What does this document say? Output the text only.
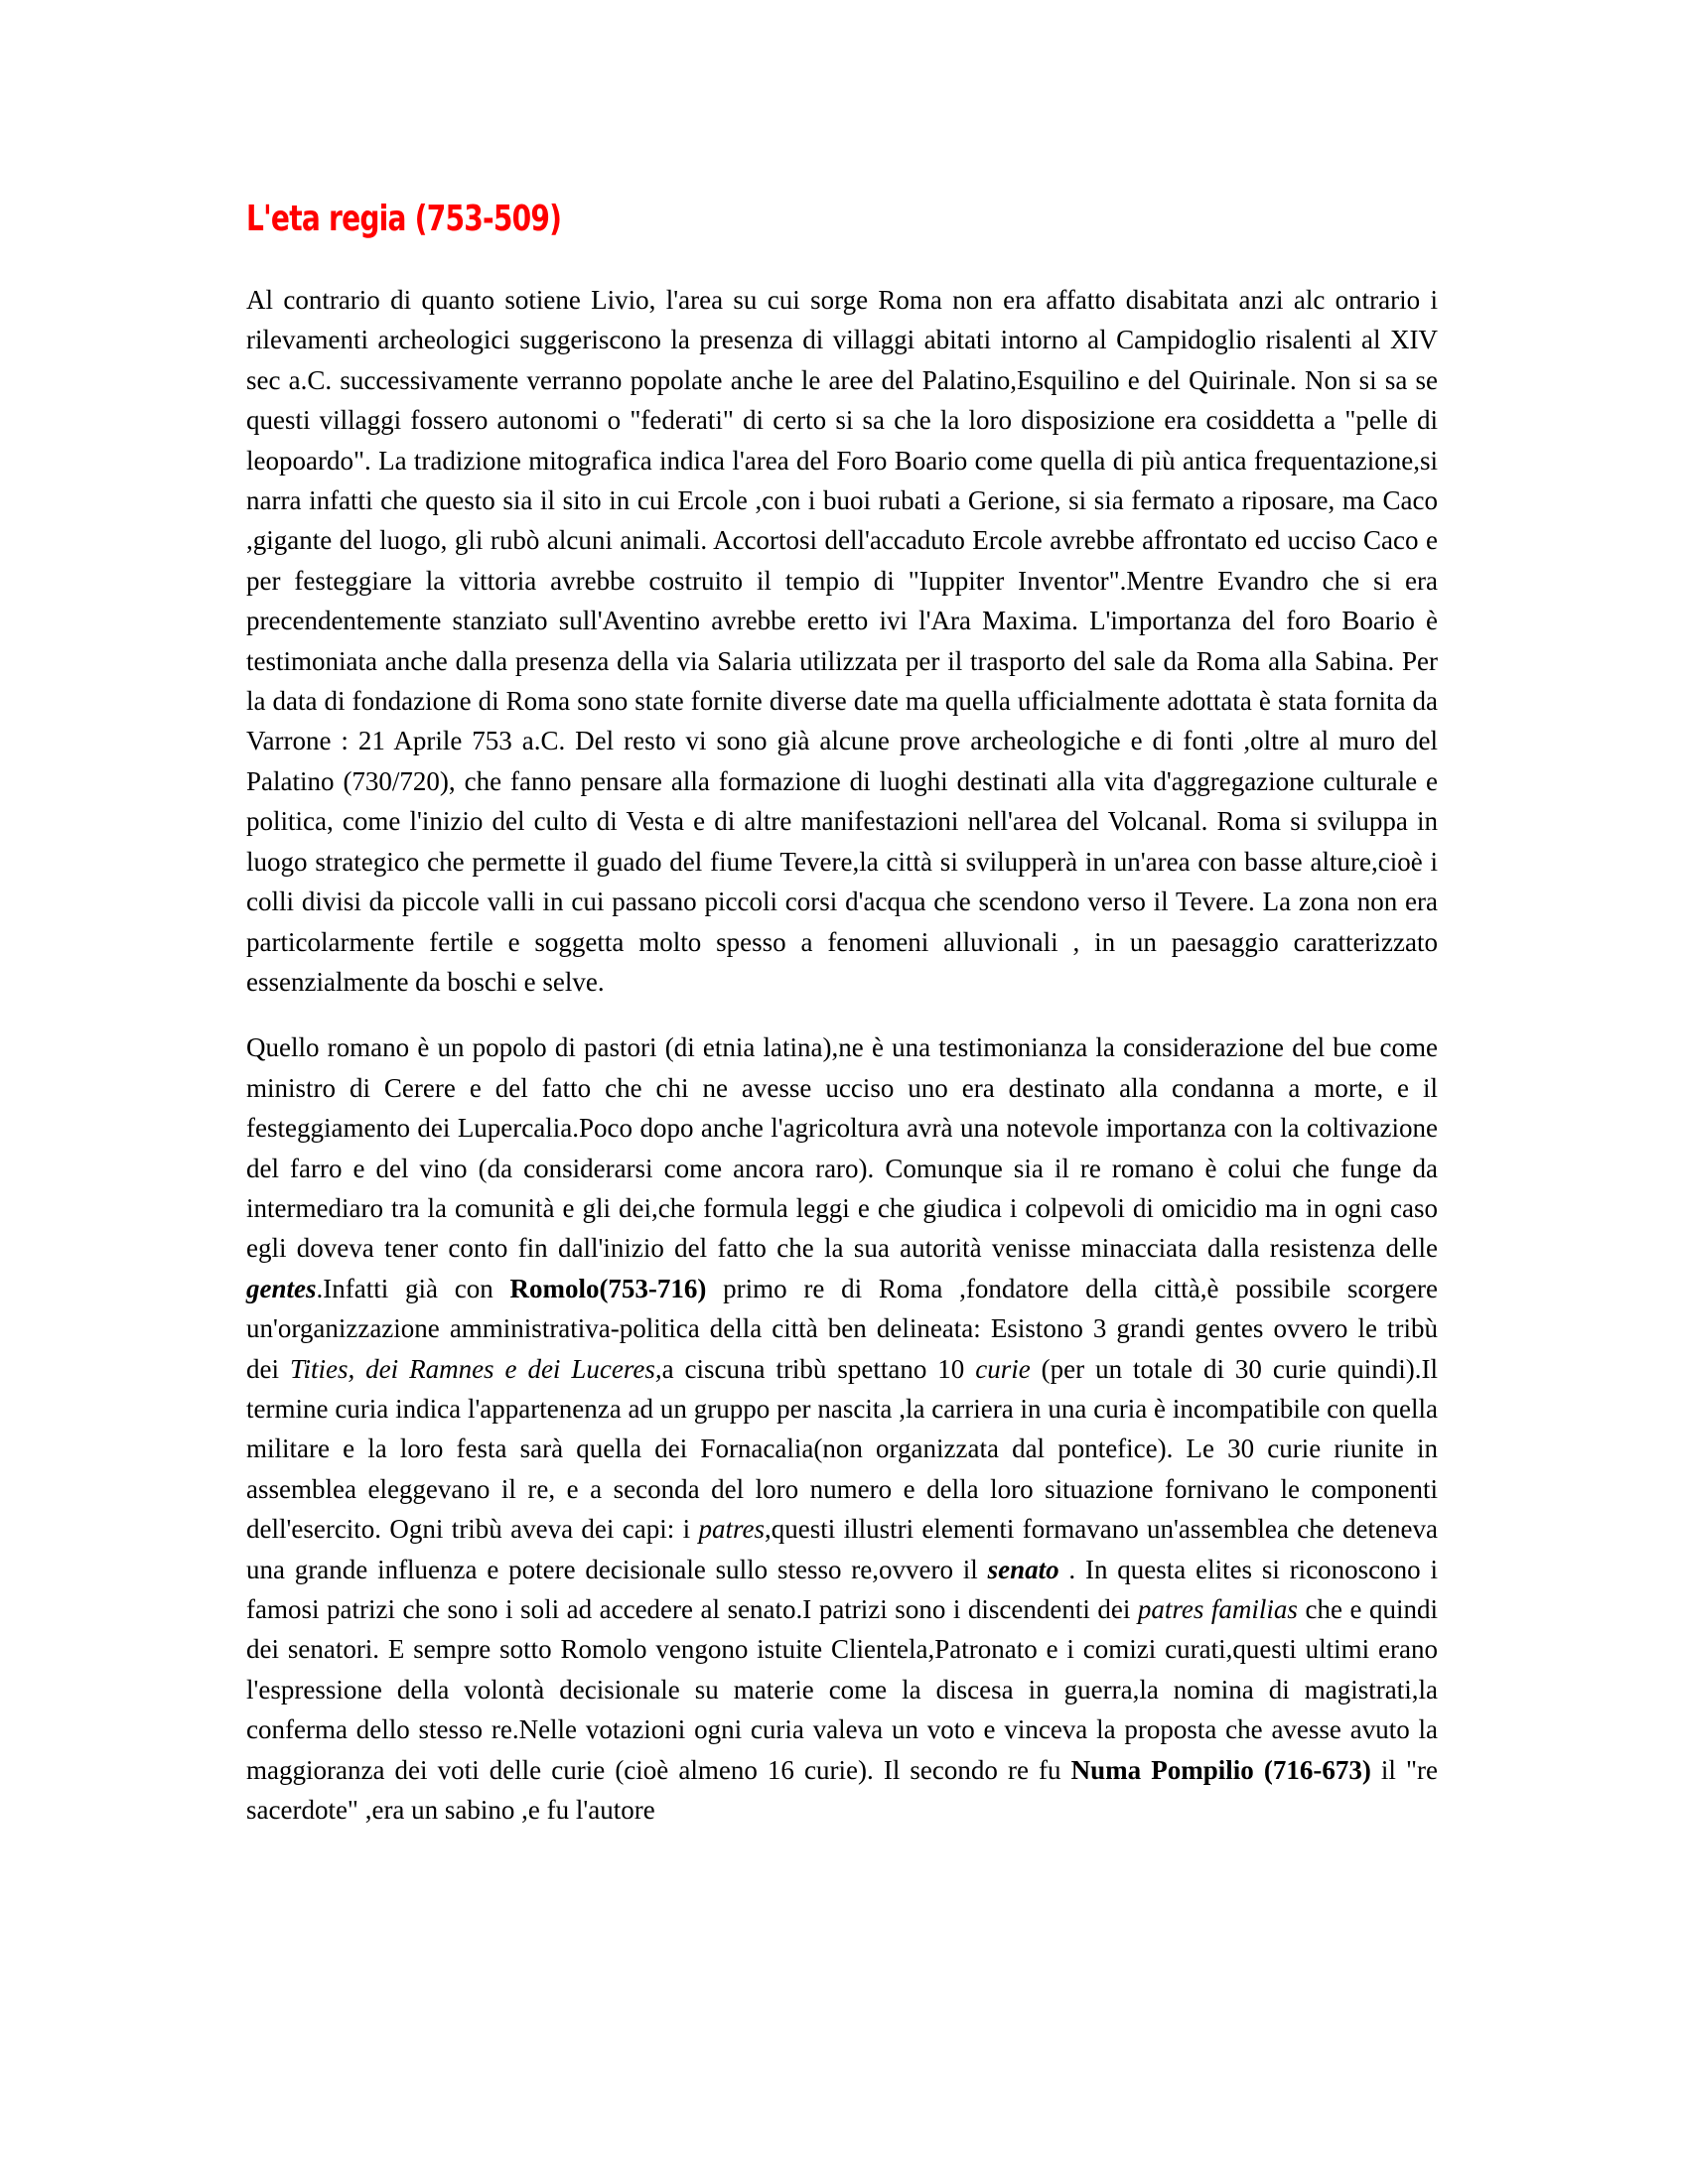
L'eta regia (753-509)

Al contrario di quanto sotiene Livio, l'area su cui sorge Roma non era affatto disabitata anzi alc ontrario i rilevamenti archeologici suggeriscono la presenza di villaggi abitati intorno al Campidoglio risalenti al XIV sec a.C. successivamente verranno popolate anche le aree del Palatino,Esquilino e del Quirinale. Non si sa se questi villaggi fossero autonomi o "federati" di certo si sa che la loro disposizione era cosiddetta a "pelle di leopoardo". La tradizione mitografica indica l'area del Foro Boario come quella di più antica frequentazione,si narra infatti che questo sia il sito in cui Ercole ,con i buoi rubati a Gerione, si sia fermato a riposare, ma Caco ,gigante del luogo, gli rubò alcuni animali. Accortosi dell'accaduto Ercole avrebbe affrontato ed ucciso Caco e per festeggiare la vittoria avrebbe costruito il tempio di "Iuppiter Inventor".Mentre Evandro che si era precendentemente stanziato sull'Aventino avrebbe eretto ivi l'Ara Maxima. L'importanza del foro Boario è testimoniata anche dalla presenza della via Salaria utilizzata per il trasporto del sale da Roma alla Sabina. Per la data di fondazione di Roma sono state fornite diverse date ma quella ufficialmente adottata è stata fornita da Varrone : 21 Aprile 753 a.C. Del resto vi sono già alcune prove archeologiche e di fonti ,oltre al muro del Palatino (730/720), che fanno pensare alla formazione di luoghi destinati alla vita d'aggregazione culturale e politica, come l'inizio del culto di Vesta e di altre manifestazioni nell'area del Volcanal. Roma si sviluppa in luogo strategico che permette il guado del fiume Tevere,la città si svilupperà in un'area con basse alture,cioè i colli divisi da piccole valli in cui passano piccoli corsi d'acqua che scendono verso il Tevere. La zona non era particolarmente fertile e soggetta molto spesso a fenomeni alluvionali , in un paesaggio caratterizzato essenzialmente da boschi e selve.

Quello romano è un popolo di pastori (di etnia latina),ne è una testimonianza la considerazione del bue come ministro di Cerere e del fatto che chi ne avesse ucciso uno era destinato alla condanna a morte, e il festeggiamento dei Lupercalia.Poco dopo anche l'agricoltura avrà una notevole importanza con la coltivazione del farro e del vino (da considerarsi come ancora raro). Comunque sia il re romano è colui che funge da intermediaro tra la comunità e gli dei,che formula leggi e che giudica i colpevoli di omicidio ma in ogni caso egli doveva tener conto fin dall'inizio del fatto che la sua autorità venisse minacciata dalla resistenza delle gentes.Infatti già con Romolo(753-716) primo re di Roma ,fondatore della città,è possibile scorgere un'organizzazione amministrativa-politica della città ben delineata: Esistono 3 grandi gentes ovvero le tribù dei Tities, dei Ramnes e dei Luceres,a ciscuna tribù spettano 10 curie (per un totale di 30 curie quindi).Il termine curia indica l'appartenenza ad un gruppo per nascita ,la carriera in una curia è incompatibile con quella militare e la loro festa sarà quella dei Fornacalia(non organizzata dal pontefice). Le 30 curie riunite in assemblea eleggevano il re, e a seconda del loro numero e della loro situazione fornivano le componenti dell'esercito. Ogni tribù aveva dei capi: i patres,questi illustri elementi formavano un'assemblea che deteneva una grande influenza e potere decisionale sullo stesso re,ovvero il senato . In questa elites si riconoscono i famosi patrizi che sono i soli ad accedere al senato.I patrizi sono i discendenti dei patres familias che e quindi dei senatori. E sempre sotto Romolo vengono istuite Clientela,Patronato e i comizi curati,questi ultimi erano l'espressione della volontà decisionale su materie come la discesa in guerra,la nomina di magistrati,la conferma dello stesso re.Nelle votazioni ogni curia valeva un voto e vinceva la proposta che avesse avuto la maggioranza dei voti delle curie (cioè almeno 16 curie). Il secondo re fu Numa Pompilio (716-673) il "re sacerdote" ,era un sabino ,e fu l'autore
